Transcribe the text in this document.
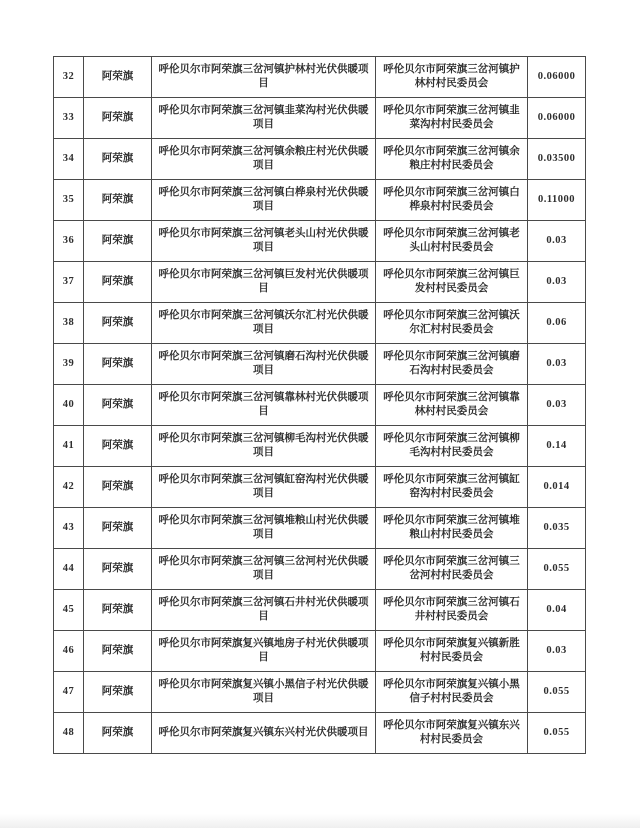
32	阿荣旗	呼伦贝尔市阿荣旗三岔河镇护林村光伏供暖项目	呼伦贝尔市阿荣旗三岔河镇护林村村民委员会	0.06000
33	阿荣旗	呼伦贝尔市阿荣旗三岔河镇韭菜沟村光伏供暖项目	呼伦贝尔市阿荣旗三岔河镇韭菜沟村村民委员会	0.06000
34	阿荣旗	呼伦贝尔市阿荣旗三岔河镇余粮庄村光伏供暖项目	呼伦贝尔市阿荣旗三岔河镇余粮庄村村民委员会	0.03500
35	阿荣旗	呼伦贝尔市阿荣旗三岔河镇白桦泉村光伏供暖项目	呼伦贝尔市阿荣旗三岔河镇白桦泉村村民委员会	0.11000
36	阿荣旗	呼伦贝尔市阿荣旗三岔河镇老头山村光伏供暖项目	呼伦贝尔市阿荣旗三岔河镇老头山村村民委员会	0.03
37	阿荣旗	呼伦贝尔市阿荣旗三岔河镇巨发村光伏供暖项目	呼伦贝尔市阿荣旗三岔河镇巨发村村民委员会	0.03
38	阿荣旗	呼伦贝尔市阿荣旗三岔河镇沃尔汇村光伏供暖项目	呼伦贝尔市阿荣旗三岔河镇沃尔汇村村民委员会	0.06
39	阿荣旗	呼伦贝尔市阿荣旗三岔河镇磨石沟村光伏供暖项目	呼伦贝尔市阿荣旗三岔河镇磨石沟村村民委员会	0.03
40	阿荣旗	呼伦贝尔市阿荣旗三岔河镇靠林村光伏供暖项目	呼伦贝尔市阿荣旗三岔河镇靠林村村民委员会	0.03
41	阿荣旗	呼伦贝尔市阿荣旗三岔河镇柳毛沟村光伏供暖项目	呼伦贝尔市阿荣旗三岔河镇柳毛沟村村民委员会	0.14
42	阿荣旗	呼伦贝尔市阿荣旗三岔河镇缸窑沟村光伏供暖项目	呼伦贝尔市阿荣旗三岔河镇缸窑沟村村民委员会	0.014
43	阿荣旗	呼伦贝尔市阿荣旗三岔河镇堆粮山村光伏供暖项目	呼伦贝尔市阿荣旗三岔河镇堆粮山村村民委员会	0.035
44	阿荣旗	呼伦贝尔市阿荣旗三岔河镇三岔河村光伏供暖项目	呼伦贝尔市阿荣旗三岔河镇三岔河村村民委员会	0.055
45	阿荣旗	呼伦贝尔市阿荣旗三岔河镇石井村光伏供暖项目	呼伦贝尔市阿荣旗三岔河镇石井村村民委员会	0.04
46	阿荣旗	呼伦贝尔市阿荣旗复兴镇地房子村光伏供暖项目	呼伦贝尔市阿荣旗复兴镇新胜村村民委员会	0.03
47	阿荣旗	呼伦贝尔市阿荣旗复兴镇小黑信子村光伏供暖项目	呼伦贝尔市阿荣旗复兴镇小黑信子村村民委员会	0.055
48	阿荣旗	呼伦贝尔市阿荣旗复兴镇东兴村光伏供暖项目	呼伦贝尔市阿荣旗复兴镇东兴村村民委员会	0.055
